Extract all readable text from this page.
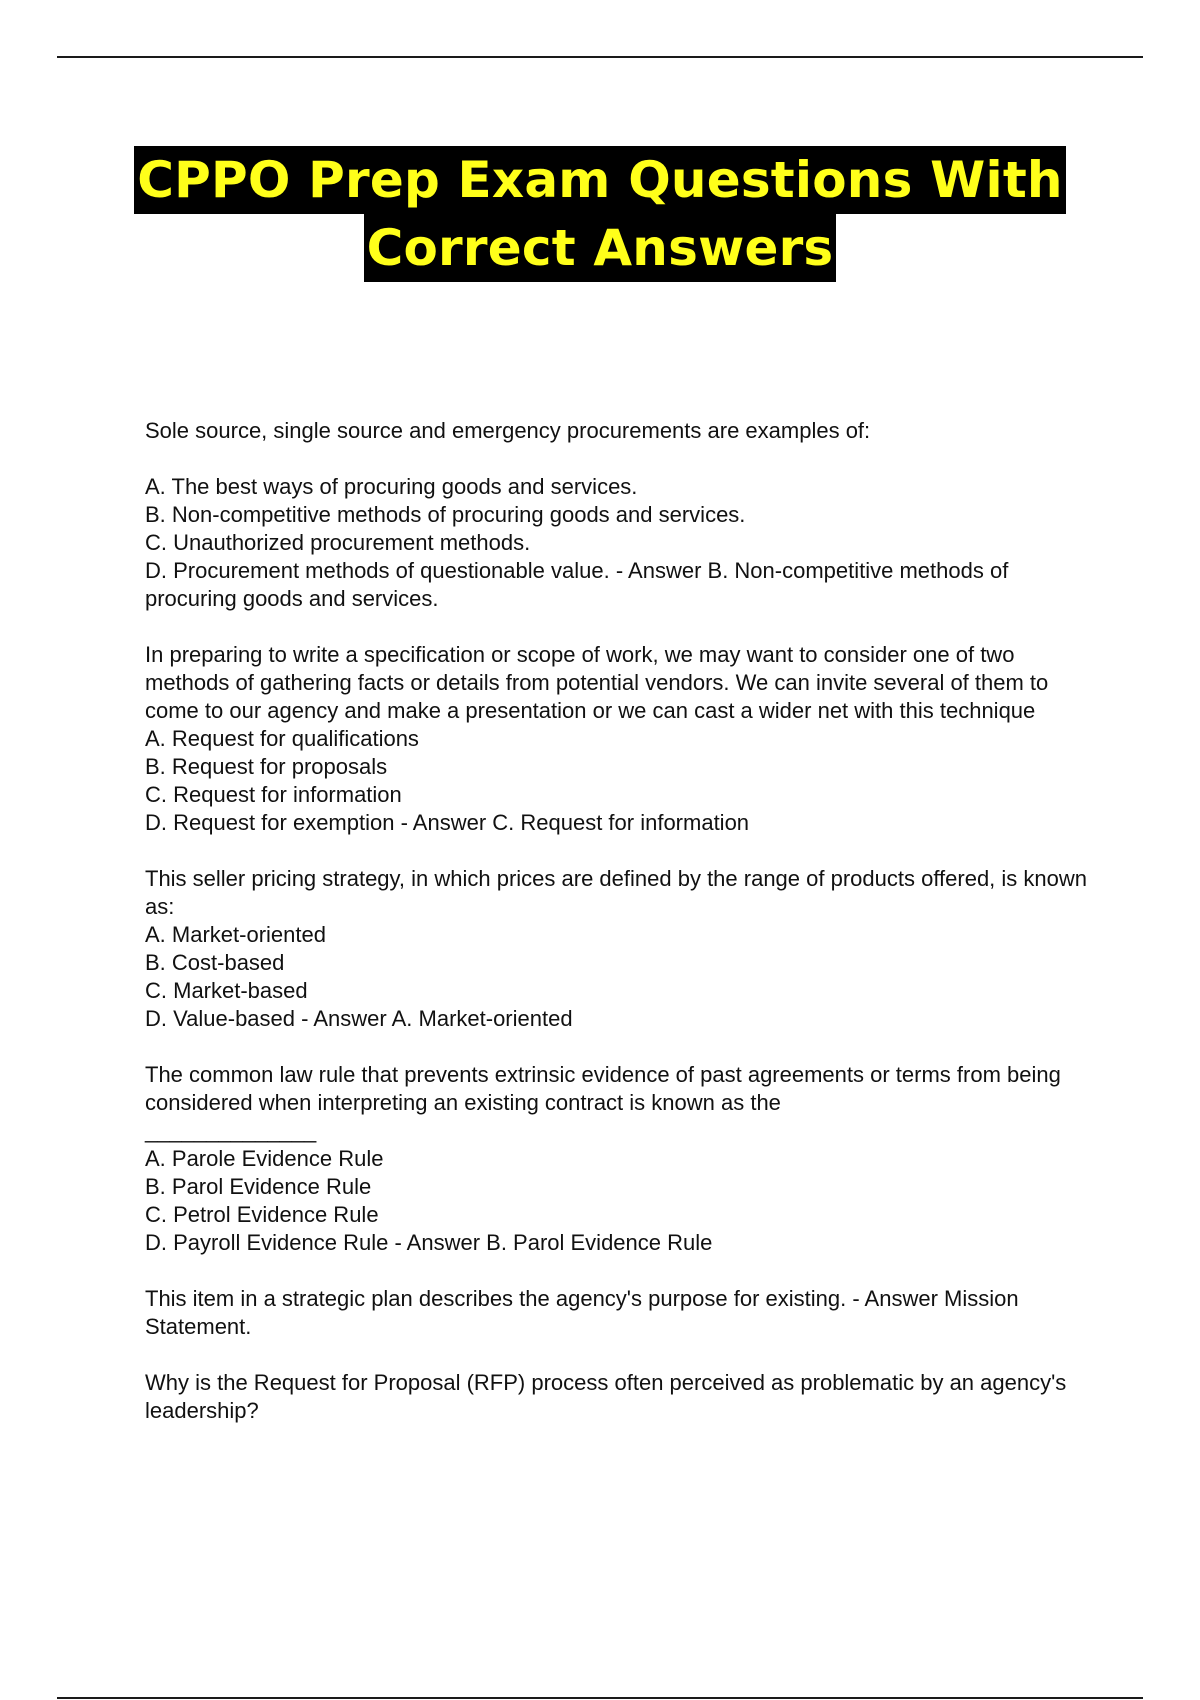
CPPO Prep Exam Questions With
Correct Answers
Sole source, single source and emergency procurements are examples of:
A. The best ways of procuring goods and services.
B. Non-competitive methods of procuring goods and services.
C. Unauthorized procurement methods.
D. Procurement methods of questionable value. - Answer B. Non-competitive methods of procuring goods and services.
In preparing to write a specification or scope of work, we may want to consider one of two methods of gathering facts or details from potential vendors. We can invite several of them to come to our agency and make a presentation or we can cast a wider net with this technique
A. Request for qualifications
B. Request for proposals
C. Request for information
D. Request for exemption - Answer C. Request for information
This seller pricing strategy, in which prices are defined by the range of products offered, is known as:
A. Market-oriented
B. Cost-based
C. Market-based
D. Value-based - Answer A. Market-oriented
The common law rule that prevents extrinsic evidence of past agreements or terms from being considered when interpreting an existing contract is known as the
______________
A. Parole Evidence Rule
B. Parol Evidence Rule
C. Petrol Evidence Rule
D. Payroll Evidence Rule - Answer B. Parol Evidence Rule
This item in a strategic plan describes the agency's purpose for existing. - Answer Mission Statement.
Why is the Request for Proposal (RFP) process often perceived as problematic by an agency's leadership?
